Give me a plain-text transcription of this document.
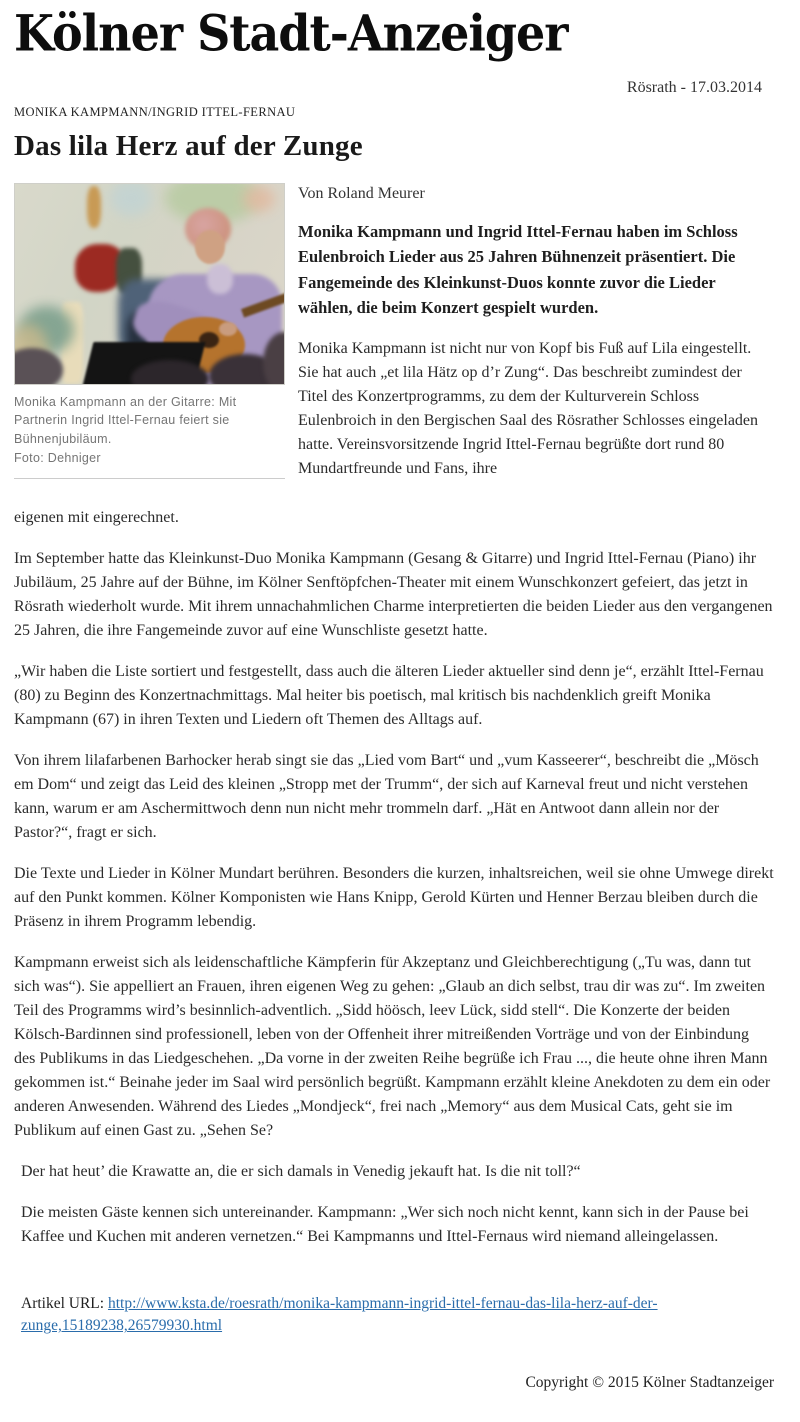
Kölner Stadt-Anzeiger
Rösrath - 17.03.2014
MONIKA KAMPMANN/INGRID ITTEL-FERNAU
Das lila Herz auf der Zunge
Monika Kampmann an der Gitarre: Mit Partnerin Ingrid Ittel-Fernau feiert sie Bühnenjubiläum.
Foto: Dehniger
Von Roland Meurer

Monika Kampmann und Ingrid Ittel-Fernau haben im Schloss Eulenbroich Lieder aus 25 Jahren Bühnenzeit präsentiert. Die Fangemeinde des Kleinkunst-Duos konnte zuvor die Lieder wählen, die beim Konzert gespielt wurden.

Monika Kampmann ist nicht nur von Kopf bis Fuß auf Lila eingestellt. Sie hat auch „et lila Hätz op d’r Zung“. Das beschreibt zumindest der Titel des Konzertprogramms, zu dem der Kulturverein Schloss Eulenbroich in den Bergischen Saal des Rösrather Schlosses eingeladen hatte. Vereinsvorsitzende Ingrid Ittel-Fernau begrüßte dort rund 80 Mundartfreunde und Fans, ihre

eigenen mit eingerechnet.

Im September hatte das Kleinkunst-Duo Monika Kampmann (Gesang & Gitarre) und Ingrid Ittel-Fernau (Piano) ihr Jubiläum, 25 Jahre auf der Bühne, im Kölner Senftöpfchen-Theater mit einem Wunschkonzert gefeiert, das jetzt in Rösrath wiederholt wurde. Mit ihrem unnachahmlichen Charme interpretierten die beiden Lieder aus den vergangenen 25 Jahren, die ihre Fangemeinde zuvor auf eine Wunschliste gesetzt hatte.

„Wir haben die Liste sortiert und festgestellt, dass auch die älteren Lieder aktueller sind denn je“, erzählt Ittel-Fernau (80) zu Beginn des Konzertnachmittags. Mal heiter bis poetisch, mal kritisch bis nachdenklich greift Monika Kampmann (67) in ihren Texten und Liedern oft Themen des Alltags auf.

Von ihrem lilafarbenen Barhocker herab singt sie das „Lied vom Bart“ und „vum Kasseerer“, beschreibt die „Mösch em Dom“ und zeigt das Leid des kleinen „Stropp met der Trumm“, der sich auf Karneval freut und nicht verstehen kann, warum er am Aschermittwoch denn nun nicht mehr trommeln darf. „Hät en Antwoot dann allein nor der Pastor?“, fragt er sich.

Die Texte und Lieder in Kölner Mundart berühren. Besonders die kurzen, inhaltsreichen, weil sie ohne Umwege direkt auf den Punkt kommen. Kölner Komponisten wie Hans Knipp, Gerold Kürten und Henner Berzau bleiben durch die Präsenz in ihrem Programm lebendig.

Kampmann erweist sich als leidenschaftliche Kämpferin für Akzeptanz und Gleichberechtigung („Tu was, dann tut sich was“). Sie appelliert an Frauen, ihren eigenen Weg zu gehen: „Glaub an dich selbst, trau dir was zu“. Im zweiten Teil des Programms wird’s besinnlich-adventlich. „Sidd höösch, leev Lück, sidd stell“. Die Konzerte der beiden Kölsch-Bardinnen sind professionell, leben von der Offenheit ihrer mitreißenden Vorträge und von der Einbindung des Publikums in das Liedgeschehen. „Da vorne in der zweiten Reihe begrüße ich Frau ..., die heute ohne ihren Mann gekommen ist.“ Beinahe jeder im Saal wird persönlich begrüßt. Kampmann erzählt kleine Anekdoten zu dem ein oder anderen Anwesenden. Während des Liedes „Mondjeck“, frei nach „Memory“ aus dem Musical Cats, geht sie im Publikum auf einen Gast zu. „Sehen Se?

Der hat heut’ die Krawatte an, die er sich damals in Venedig jekauft hat. Is die nit toll?“

Die meisten Gäste kennen sich untereinander. Kampmann: „Wer sich noch nicht kennt, kann sich in der Pause bei Kaffee und Kuchen mit anderen vernetzen.“ Bei Kampmanns und Ittel-Fernaus wird niemand alleingelassen.

Artikel URL: http://www.ksta.de/roesrath/monika-kampmann-ingrid-ittel-fernau-das-lila-herz-auf-der-zunge,15189238,26579930.html

Copyright © 2015 Kölner Stadtanzeiger
